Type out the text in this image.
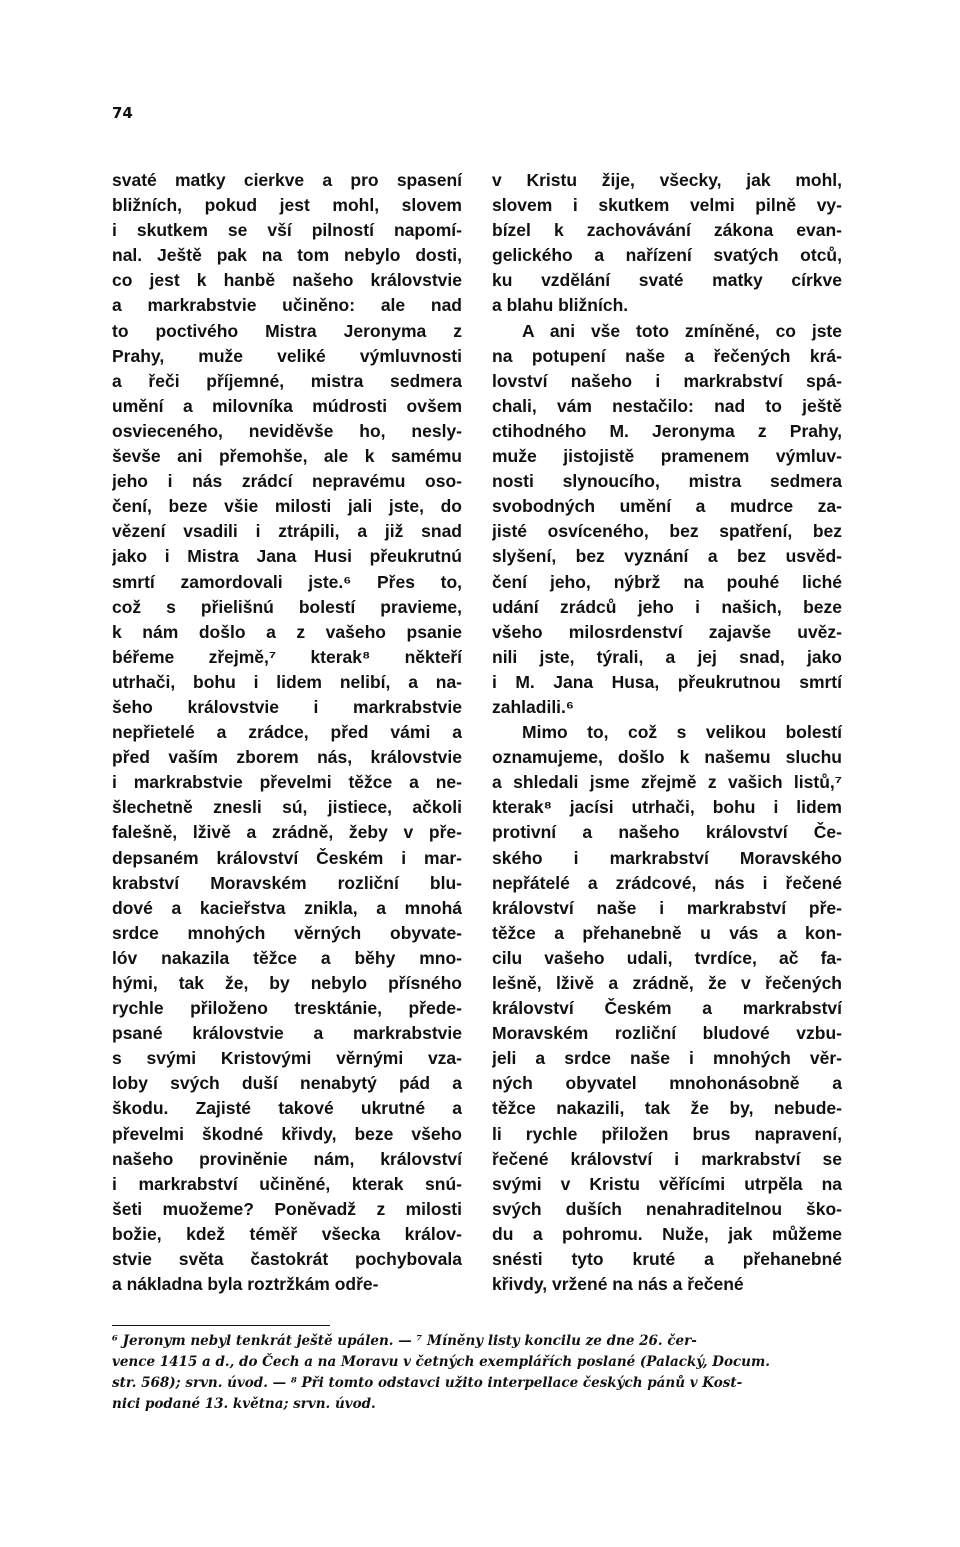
74
svaté matky cierkve a pro spasení
bližních, pokud jest mohl, slovem
i skutkem se vší pilností napomí-
nal. Ještě pak na tom nebylo dosti,
co jest k hanbě našeho královstvie
a markrabstvie učiněno: ale nad
to poctivého Mistra Jeronyma z
Prahy, muže veliké výmluvnosti
a řeči příjemné, mistra sedmera
umění a milovníka múdrosti ovšem
osvieceného, neviděvše ho, nesly-
ševše ani přemohše, ale k samému
jeho i nás zrádcí nepravému oso-
čení, beze všie milosti jali jste, do
vězení vsadili i ztrápili, a již snad
jako i Mistra Jana Husi přeukrutnú
smrtí zamordovali jste.⁶ Přes to,
což s přielišnú bolestí pravieme,
k nám došlo a z vašeho psanie
béřeme zřejmě,⁷ kterak⁸ někteří
utrhači, bohu i lidem nelibí, a na-
šeho královstvie i markrabstvie
nepřietelé a zrádce, před vámi a
před vaším zborem nás, královstvie
i markrabstvie převelmi těžce a ne-
šlechetně znesli sú, jistiece, ačkoli
falešně, lživě a zrádně, žeby v pře-
depsaném království Českém i mar-
krabství Moravském rozliční blu-
dové a kacieřstva znikla, a mnohá
srdce mnohých věrných obyvate-
lóv nakazila těžce a běhy mno-
hými, tak že, by nebylo přísného
rychle přiloženo tresktánie, přede-
psané královstvie a markrabstvie
s svými Kristovými věrnými vza-
loby svých duší nenabytý pád a
škodu. Zajisté takové ukrutné a
převelmi škodné křivdy, beze všeho
našeho proviněnie nám, království
i markrabství učiněné, kterak snú-
šeti muožeme? Poněvadž z milosti
božie, kdež téměř všecka králov-
stvie světa častokrát pochybovala
a nákladna byla roztržkám odře-
v Kristu žije, všecky, jak mohl,
slovem i skutkem velmi pilně vy-
bízel k zachovávání zákona evan-
gelického a nařízení svatých otců,
ku vzdělání svaté matky církve
a blahu bližních.
A ani vše toto zmíněné, co jste
na potupení naše a řečených krá-
lovství našeho i markrabství spá-
chali, vám nestačilo: nad to ještě
ctihodného M. Jeronyma z Prahy,
muže jistojistě pramenem výmluv-
nosti slynoucího, mistra sedmera
svobodných umění a mudrce za-
jisté osvíceného, bez spatření, bez
slyšení, bez vyznání a bez usvěd-
čení jeho, nýbrž na pouhé liché
udání zrádců jeho i našich, beze
všeho milosrdenství zajavše uvěz-
nili jste, týrali, a jej snad, jako
i M. Jana Husa, přeukrutnou smrtí
zahladili.⁶
Mimo to, což s velikou bolestí
oznamujeme, došlo k našemu sluchu
a shledali jsme zřejmě z vašich listů,⁷
kterak⁸ jacísi utrhači, bohu i lidem
protivní a našeho království Če-
ského i markrabství Moravského
nepřátelé a zrádcové, nás i řečené
království naše i markrabství pře-
těžce a přehanebně u vás a kon-
cilu vašeho udali, tvrdíce, ač fa-
lešně, lživě a zrádně, že v řečených
království Českém a markrabství
Moravském rozliční bludové vzbu-
jeli a srdce naše i mnohých věr-
ných obyvatel mnohonásobně a
těžce nakazili, tak že by, nebude-
li rychle přiložen brus napravení,
řečené království i markrabství se
svými v Kristu věřícími utrpěla na
svých duších nenahraditelnou ško-
du a pohromu. Nuže, jak můžeme
snésti tyto kruté a přehanebné
křivdy, vržené na nás a řečené
⁶ Jeronym nebyl tenkrát ještě upálen. — ⁷ Míněny listy koncilu ze dne 26. čer-
vence 1415 a d., do Čech a na Moravu v četných exemplářích poslané (Palacký, Docum.
str. 568); srvn. úvod. — ⁸ Při tomto odstavci užito interpellace českých pánů v Kost-
nici podané 13. května; srvn. úvod.
